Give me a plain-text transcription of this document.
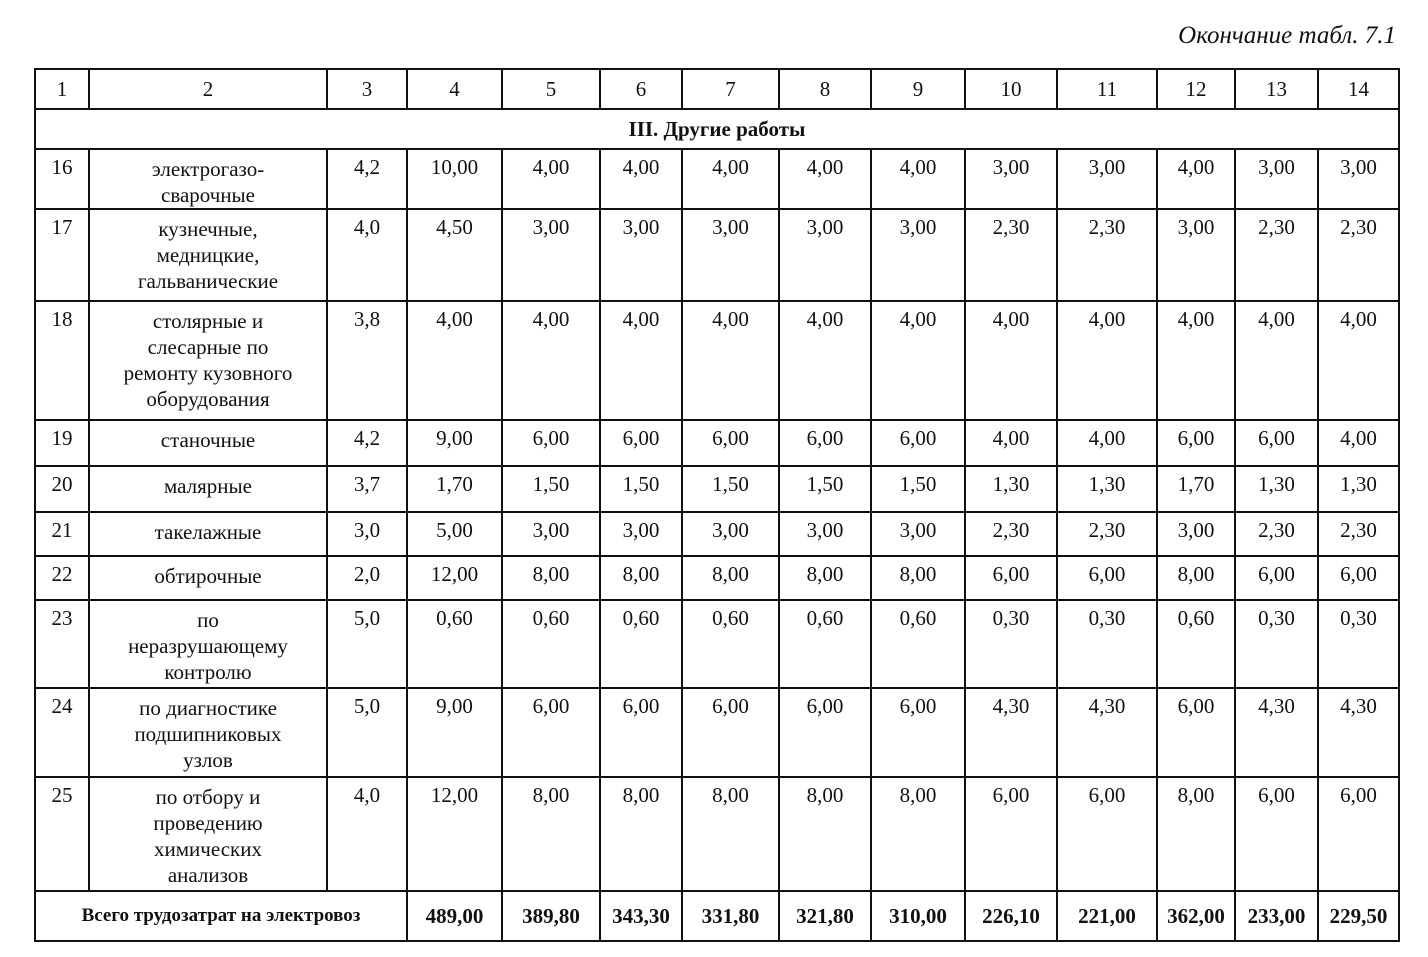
Окончание табл. 7.1
1	2	3	4	5	6	7	8	9	10	11	12	13	14
III. Другие работы													
16	электрогазо-
сварочные	4,2	10,00	4,00	4,00	4,00	4,00	4,00	3,00	3,00	4,00	3,00	3,00
17	кузнечные,
медницкие,
гальванические	4,0	4,50	3,00	3,00	3,00	3,00	3,00	2,30	2,30	3,00	2,30	2,30
18	столярные и
слесарные по
ремонту кузовного
оборудования	3,8	4,00	4,00	4,00	4,00	4,00	4,00	4,00	4,00	4,00	4,00	4,00
19	станочные	4,2	9,00	6,00	6,00	6,00	6,00	6,00	4,00	4,00	6,00	6,00	4,00
20	малярные	3,7	1,70	1,50	1,50	1,50	1,50	1,50	1,30	1,30	1,70	1,30	1,30
21	такелажные	3,0	5,00	3,00	3,00	3,00	3,00	3,00	2,30	2,30	3,00	2,30	2,30
22	обтирочные	2,0	12,00	8,00	8,00	8,00	8,00	8,00	6,00	6,00	8,00	6,00	6,00
23	по
неразрушающему
контролю	5,0	0,60	0,60	0,60	0,60	0,60	0,60	0,30	0,30	0,60	0,30	0,30
24	по диагностике
подшипниковых
узлов	5,0	9,00	6,00	6,00	6,00	6,00	6,00	4,30	4,30	6,00	4,30	4,30
25	по отбору и
проведению
химических
анализов	4,0	12,00	8,00	8,00	8,00	8,00	8,00	6,00	6,00	8,00	6,00	6,00
Всего трудозатрат на электровоз			489,00	389,80	343,30	331,80	321,80	310,00	226,10	221,00	362,00	233,00	229,50
